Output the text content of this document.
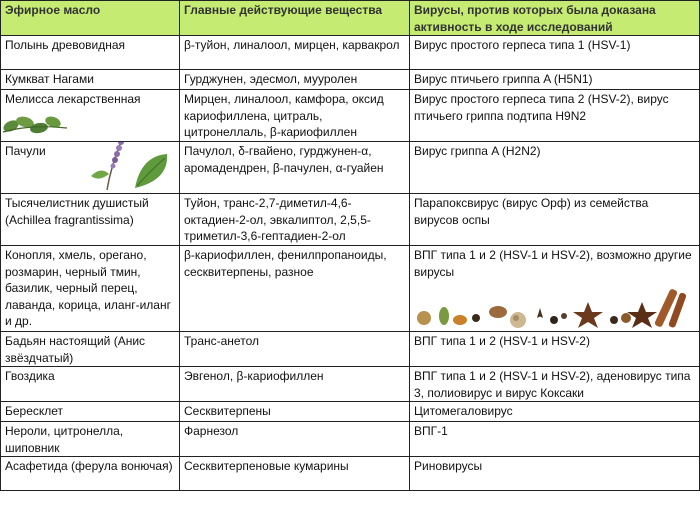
Эфирное масло	Главные действующие вещества	Вирусы, против которых была доказана активность в ходе исследований
Полынь древовидная	β-туйон, линалоол, мирцен, карвакрол	Вирус простого герпеса типа 1 (HSV-1)
Кумкват Нагами	Гурджунен, эдесмол, мууролен	Вирус птичьего гриппа A (H5N1)
Мелисса лекарственная	Мирцен, линалоол, камфора, оксид кариофиллена, цитраль, цитронеллаль, β-кариофиллен	Вирус простого герпеса типа 2 (HSV-2), вирус птичьего гриппа подтипа H9N2
Пачули	Пачулол, δ-гвайено, гурджунен-α, аромадендрен, β-пачулен, α-гуайен	Вирус гриппа A (H2N2)
Тысячелистник душистый (Achillea fragrantissima)	Туйон, транс-2,7-диметил-4,6-октадиен-2-ол, эвкалиптол, 2,5,5-триметил-3,6-гептадиен-2-ол	Парапоксвирус (вирус Орф) из семейства вирусов оспы
Конопля, хмель, орегано, розмарин, черный тмин, базилик, черный перец, лаванда, корица, иланг-иланг и др.	β-кариофиллен, фенилпропаноиды, сесквитерпены, разное	ВПГ типа 1 и 2 (HSV-1 и HSV-2), возможно другие вирусы

Бадьян настоящий (Анис звёздчатый)	Транс-анетол	ВПГ типа 1 и 2 (HSV-1 и HSV-2)
Гвоздика	Эвгенол, β-кариофиллен	ВПГ типа 1 и 2 (HSV-1 и HSV-2), аденовирус типа 3, полиовирус и вирус Коксаки
Бересклет	Сесквитерпены	Цитомегаловирус
Нероли, цитронелла, шиповник	Фарнезол	ВПГ-1
Асафетида (ферула вонючая)	Сесквитерпеновые кумарины	Риновирусы
